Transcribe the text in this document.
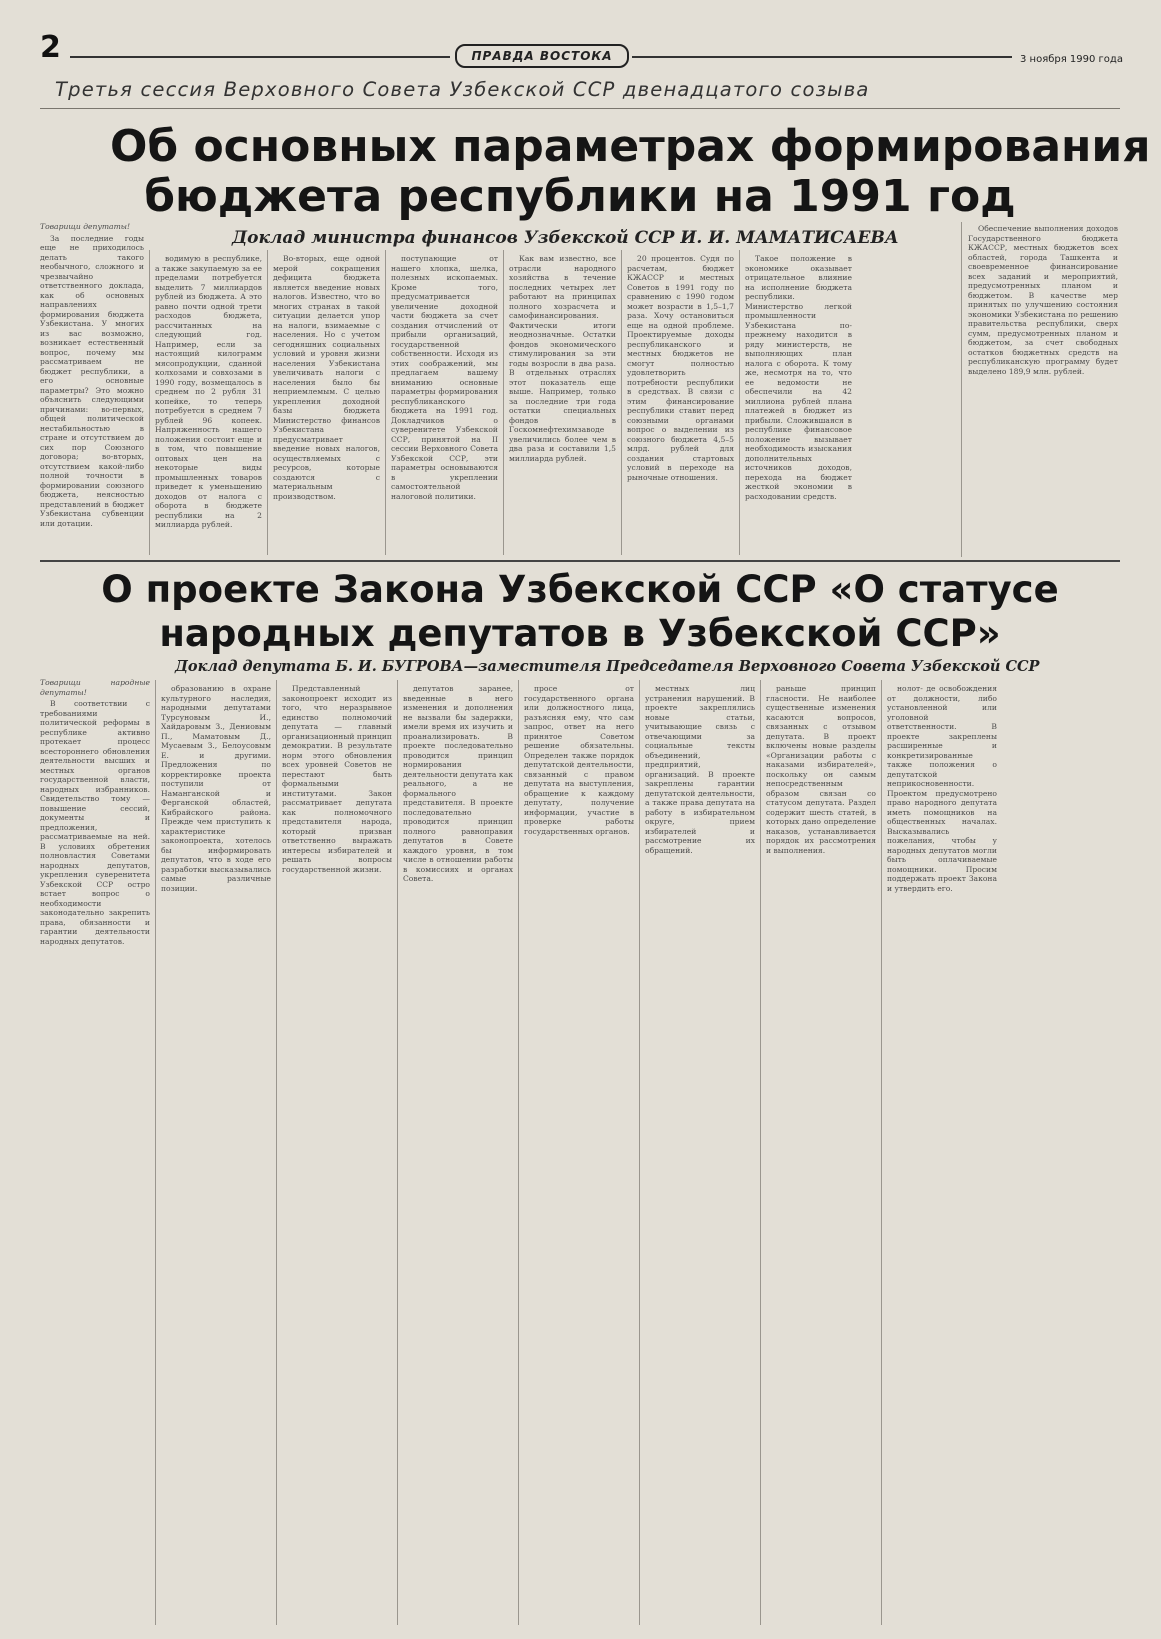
2	ПРАВДА ВОСТОКА	3 ноября 1990 года
Третья сессия Верховного Совета Узбекской ССР двенадцатого созыва
Об основных параметрах формирования
бюджета республики на 1991 год
Доклад министра финансов Узбекской ССР И. И. МАМАТИСАЕВА

Товарищи депутаты!

За последние годы еще не приходилось делать такого необычного, сложного и чрезвычайно ответственного доклада, как об основных направлениях формирования бюджета Узбекистана. У многих из вас возможно, возникает естественный вопрос, почему мы рассматриваем не бюджет республики, а его основные параметры? Это можно объяснить следующими причинами: во-первых, общей политической нестабильностью в стране и отсутствием до сих пор Союзного договора; во-вторых, отсутствием какой-либо полной точности в формировании союзного бюджета, неясностью представлений в бюджет Узбекистана субвенции или дотации.

водимую в республике, а также закупаемую за ее пределами потребуется выделить 7 миллиардов рублей из бюджета. А это равно почти одной трети расходов бюджета, рассчитанных на следующий год. Например, если за настоящий килограмм мясопродукции, сданной колхозами и совхозами в 1990 году, возмещалось в среднем по 2 рубля 31 копейке, то теперь потребуется в среднем 7 рублей 96 копеек. Напряженность нашего положения состоит еще и в том, что повышение оптовых цен на некоторые виды промышленных товаров приведет к уменьшению доходов от налога с оборота в бюджете республики на 2 миллиарда рублей.

Во-вторых, еще одной мерой сокращения дефицита бюджета является введение новых налогов. Известно, что во многих странах в такой ситуации делается упор на налоги, взимаемые с населения. Но с учетом сегодняшних социальных условий и уровня жизни населения Узбекистана увеличивать налоги с населения было бы неприемлемым. С целью укрепления доходной базы бюджета Министерство финансов Узбекистана предусматривает введение новых налогов, осуществляемых с ресурсов, которые создаются с материальным производством.

поступающие от нашего хлопка, шелка, полезных ископаемых. Кроме того, предусматривается увеличение доходной части бюджета за счет создания отчислений от прибыли организаций, государственной собственности. Исходя из этих соображений, мы предлагаем вашему вниманию основные параметры формирования республиканского бюджета на 1991 год. Докладчиков о суверенитете Узбекской ССР, принятой на II сессии Верховного Совета Узбекской ССР, эти параметры основываются в укреплении самостоятельной налоговой политики.

Как вам известно, все отрасли народного хозяйства в течение последних четырех лет работают на принципах полного хозрасчета и самофинансирования. Фактически итоги неоднозначные. Остатки фондов экономического стимулирования за эти годы возросли в два раза. В отдельных отраслях этот показатель еще выше. Например, только за последние три года остатки специальных фондов в Госкомнефтехимзаводе увеличились более чем в два раза и составили 1,5 миллиарда рублей.

20 процентов. Судя по расчетам, бюджет КЖАССР и местных Советов в 1991 году по сравнению с 1990 годом может возрасти в 1,5–1,7 раза. Хочу остановиться еще на одной проблеме. Проектируемые доходы республиканского и местных бюджетов не смогут полностью удовлетворить потребности республики в средствах. В связи с этим финансирование республики ставит перед союзными органами вопрос о выделении из союзного бюджета 4,5–5 млрд. рублей для создания стартовых условий в переходе на рыночные отношения.

Такое положение в экономике оказывает отрицательное влияние на исполнение бюджета республики. Министерство легкой промышленности Узбекистана по-прежнему находится в ряду министерств, не выполняющих план налога с оборота. К тому же, несмотря на то, что ее ведомости не обеспечили на 42 миллиона рублей плана платежей в бюджет из прибыли. Сложившаяся в республике финансовое положение вызывает необходимость изыскания дополнительных источников доходов, перехода на бюджет жесткой экономии в расходовании средств.

Обеспечение выполнения доходов Государственного бюджета КЖАССР, местных бюджетов всех областей, города Ташкента и своевременное финансирование всех заданий и мероприятий, предусмотренных планом и бюджетом. В качестве мер принятых по улучшению состояния экономики Узбекистана по решению правительства республики, сверх сумм, предусмотренных планом и бюджетом, за счет свободных остатков бюджетных средств на республиканскую программу будет выделено 189,9 млн. рублей.

О проекте Закона Узбекской ССР «О статусе
народных депутатов в Узбекской ССР»
Доклад депутата Б. И. БУГРОВА—заместителя Председателя Верховного Совета Узбекской ССР

Товарищи народные депутаты!

В соответствии с требованиями политической реформы в республике активно протекает процесс всестороннего обновления деятельности высших и местных органов государственной власти, народных избранников. Свидетельство тому — повышение сессий, документы и предложения, рассматриваемые на ней. В условиях обретения полновластия Советами народных депутатов, укрепления суверенитета Узбекской ССР остро встает вопрос о необходимости законодательно закрепить права, обязанности и гарантии деятельности народных депутатов.

образованию в охране культурного наследия, народными депутатами Турсуновым И., Хайдаровым З., Дениовым П., Маматовым Д., Мусаевым З., Белоусовым Е. и другими. Предложения по корректировке проекта поступили от Наманганской и Ферганской областей, Кибрайского района. Прежде чем приступить к характеристике законопроекта, хотелось бы информировать депутатов, что в ходе его разработки высказывались самые различные позиции.

Представленный законопроект исходит из того, что неразрывное единство полномочий депутата — главный организационный принцип демократии. В результате норм этого обновления всех уровней Советов не перестают быть формальными институтами. Закон рассматривает депутата как полномочного представителя народа, который призван ответственно выражать интересы избирателей и решать вопросы государственной жизни.

депутатов заранее, введенные в него изменения и дополнения не вызвали бы задержки, имели время их изучить и проанализировать. В проекте последовательно проводится принцип нормирования деятельности депутата как реального, а не формального представителя. В проекте последовательно проводится принцип полного равноправия депутатов в Совете каждого уровня, в том числе в отношении работы в комиссиях и органах Совета.

просе от государственного органа или должностного лица, разъясняя ему, что сам запрос, ответ на него принятое Советом решение обязательны. Определен также порядок депутатской деятельности, связанный с правом депутата на выступления, обращение к каждому депутату, получение информации, участие в проверке работы государственных органов.

местных лиц устранения нарушений. В проекте закреплялись новые статьи, учитывающие связь с отвечающими за социальные тексты объединений, предприятий, организаций. В проекте закреплены гарантии депутатской деятельности, а также права депутата на работу в избирательном округе, прием избирателей и рассмотрение их обращений.

раньше принцип гласности. Не наиболее существенные изменения касаются вопросов, связанных с отзывом депутата. В проект включены новые разделы «Организации работы с наказами избирателей», поскольку он самым непосредственным образом связан со статусом депутата. Раздел содержит шесть статей, в которых дано определение наказов, устанавливается порядок их рассмотрения и выполнения.

нолот- де освобождения от должности, либо установленной или уголовной ответственности. В проекте закреплены расширенные и конкретизированные также положения о депутатской неприкосновенности. Проектом предусмотрено право народного депутата иметь помощников на общественных началах. Высказывались пожелания, чтобы у народных депутатов могли быть оплачиваемые помощники. Просим поддержать проект Закона и утвердить его.
